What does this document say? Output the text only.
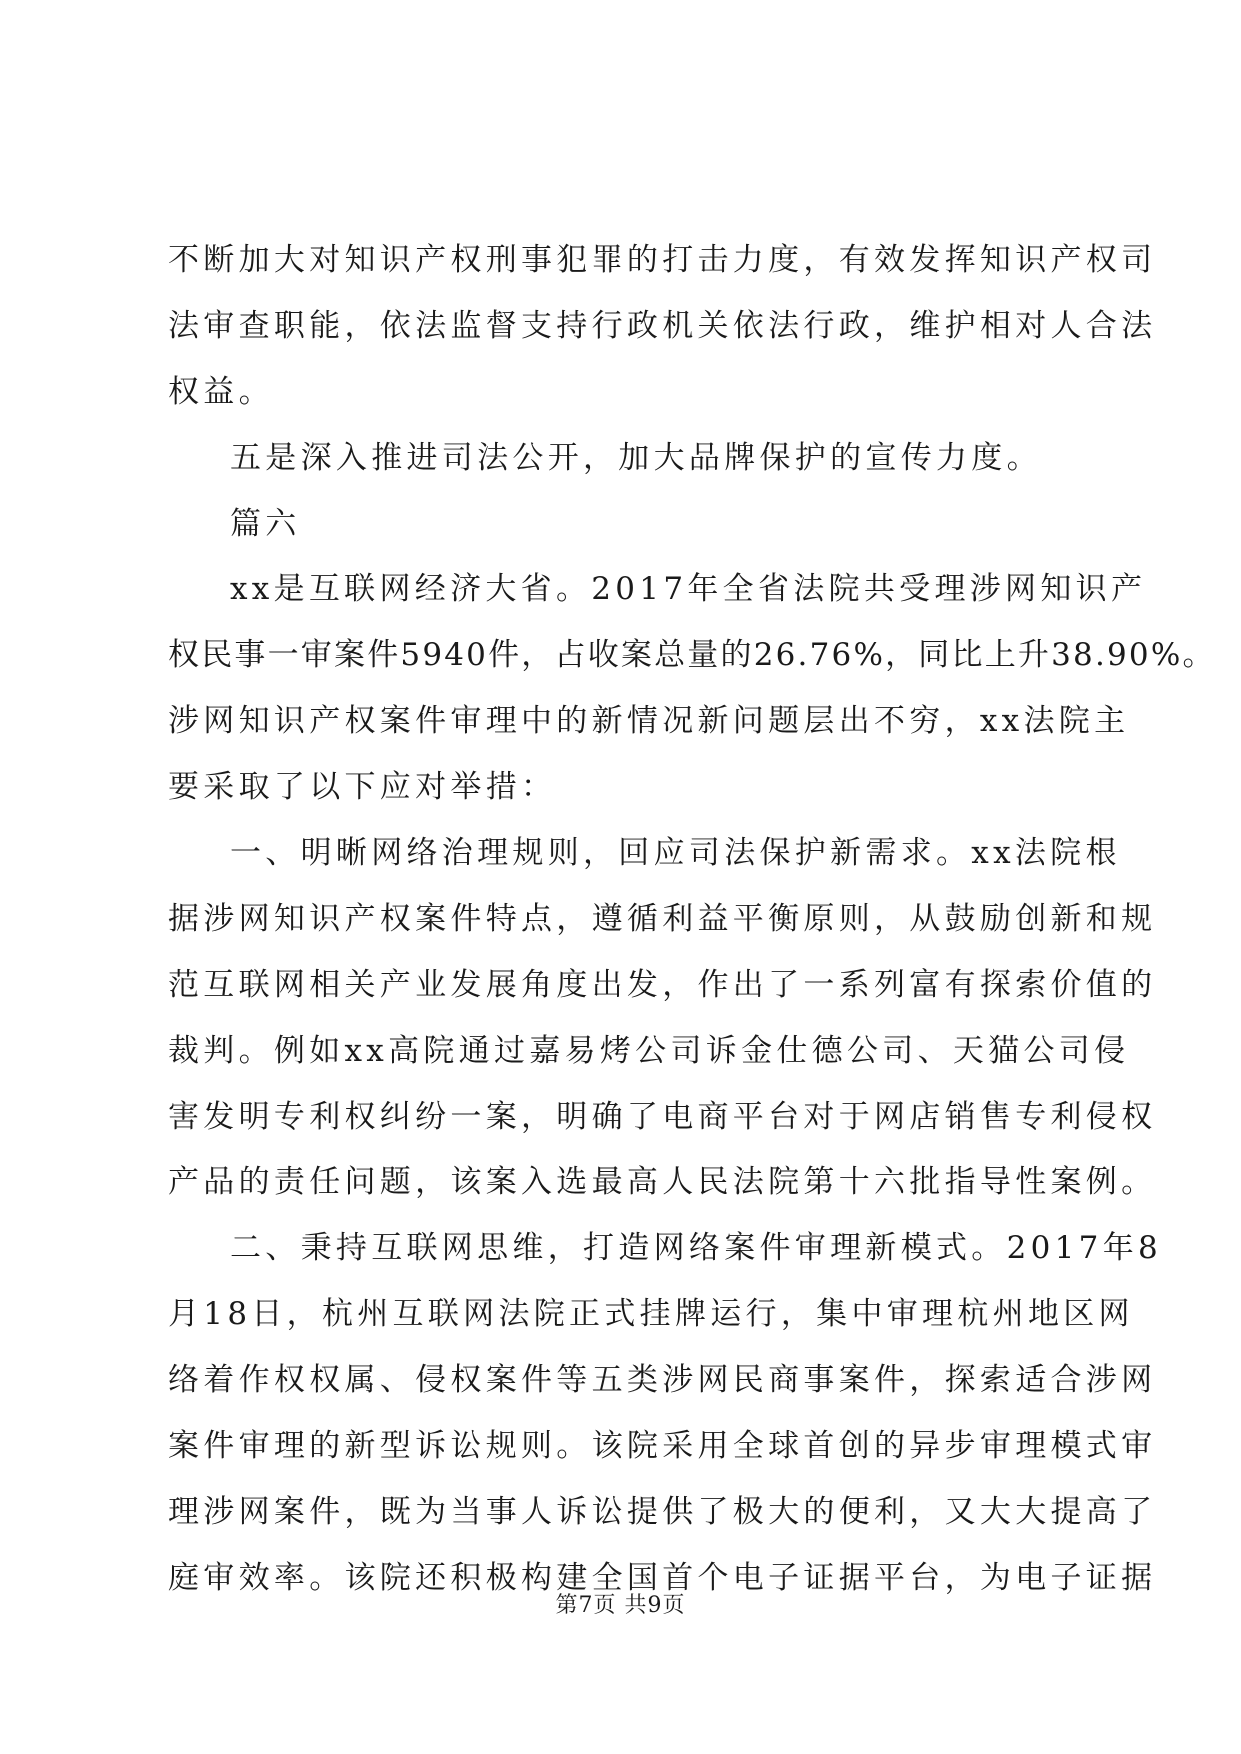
不断加大对知识产权刑事犯罪的打击力度，有效发挥知识产权司
法审查职能，依法监督支持行政机关依法行政，维护相对人合法
权益。
五是深入推进司法公开，加大品牌保护的宣传力度。
篇六
xx是互联网经济大省。2017年全省法院共受理涉网知识产
权民事一审案件5940件，占收案总量的26.76%，同比上升38.90%。
涉网知识产权案件审理中的新情况新问题层出不穷，xx法院主
要采取了以下应对举措：
一、明晰网络治理规则，回应司法保护新需求。xx法院根
据涉网知识产权案件特点，遵循利益平衡原则，从鼓励创新和规
范互联网相关产业发展角度出发，作出了一系列富有探索价值的
裁判。例如xx高院通过嘉易烤公司诉金仕德公司、天猫公司侵
害发明专利权纠纷一案，明确了电商平台对于网店销售专利侵权
产品的责任问题，该案入选最高人民法院第十六批指导性案例。
二、秉持互联网思维，打造网络案件审理新模式。2017年8
月18日，杭州互联网法院正式挂牌运行，集中审理杭州地区网
络着作权权属、侵权案件等五类涉网民商事案件，探索适合涉网
案件审理的新型诉讼规则。该院采用全球首创的异步审理模式审
理涉网案件，既为当事人诉讼提供了极大的便利，又大大提高了
庭审效率。该院还积极构建全国首个电子证据平台，为电子证据
第7页 共9页
